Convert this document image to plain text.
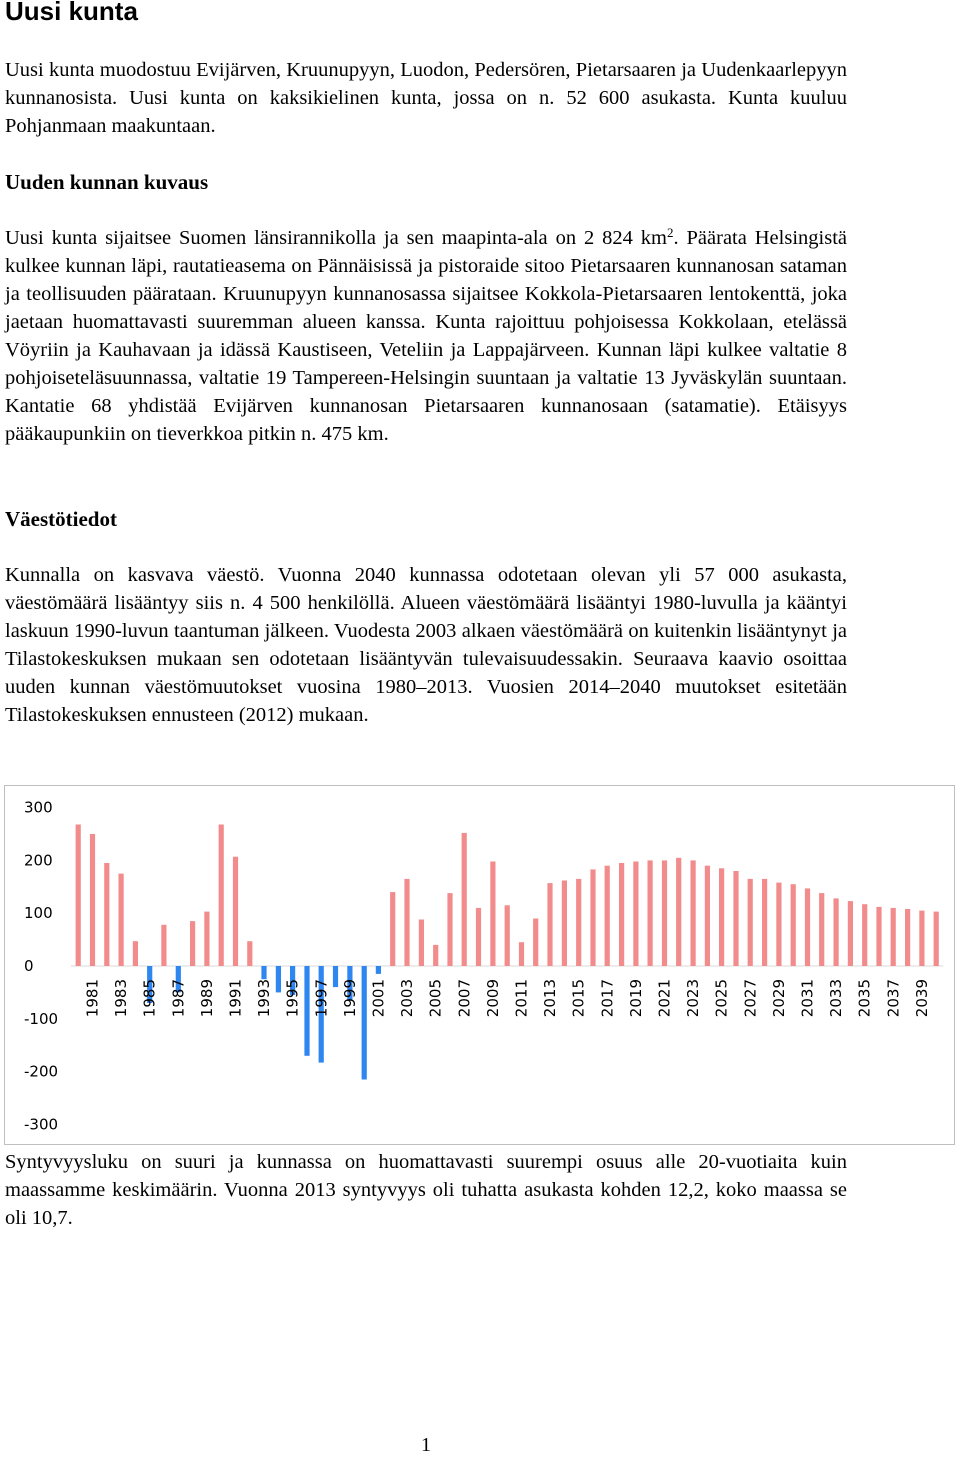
Uusi kunta

Uusi kunta muodostuu Evijärven, Kruunupyyn, Luodon, Pedersören, Pietarsaaren ja Uudenkaarlepyyn kunnanosista. Uusi kunta on kaksikielinen kunta, jossa on n. 52 600 asukasta. Kunta kuuluu Pohjanmaan maakuntaan.

Uuden kunnan kuvaus

Uusi kunta sijaitsee Suomen länsirannikolla ja sen maapinta-ala on 2 824 $km^2$. Päärata Helsingistä kulkee kunnan läpi, rautatieasema on Pännäisissä ja pistoraide sitoo Pietarsaaren kunnanosan sataman ja teollisuuden päärataan. Kruunupyyn kunnanosassa sijaitsee Kokkola-Pietarsaaren lentokenttä, joka jaetaan huomattavasti suuremman alueen kanssa. Kunta rajoittuu pohjoisessa Kokkolaan, etelässä Vöyriin ja Kauhavaan ja idässä Kaustiseen, Veteliin ja Lappajärveen. Kunnan läpi kulkee valtatie 8 pohjoiseteläsuunnassa, valtatie 19 Tampereen-Helsingin suuntaan ja valtatie 13 Jyväskylän suuntaan. Kantatie 68 yhdistää Evijärven kunnanosan Pietarsaaren kunnanosaan (satamatie). Etäisyys pääkaupunkiin on tieverkkoa pitkin n. 475 km.

Väestötiedot

Kunnalla on kasvava väestö. Vuonna 2040 kunnassa odotetaan olevan yli 57 000 asukasta, väestömäärä lisääntyy siis n. 4 500 henkilöllä. Alueen väestömäärä lisääntyi 1980-luvulla ja kääntyi laskuun 1990-luvun taantuman jälkeen. Vuodesta 2003 alkaen väestömäärä on kuitenkin lisääntynyt ja Tilastokeskuksen mukaan sen odotetaan lisääntyvän tulevaisuudessakin. Seuraava kaavio osoittaa uuden kunnan väestömuutokset vuosina 1980–2013. Vuosien 2014–2040 muutokset esitetään Tilastokeskuksen ennusteen (2012) mukaan.

300
200
100
0
-100
-200
-300
1981 1983 1985 1987 1989 1991 1993 1995 1997 1999 2001 2003 2005 2007 2009 2011 2013 2015 2017 2019 2021 2023 2025 2027 2029 2031 2033 2035 2037 2039

Syntyvyysluku on suuri ja kunnassa on huomattavasti suurempi osuus alle 20-vuotiaita kuin maassamme keskimäärin. Vuonna 2013 syntyvyys oli tuhatta asukasta kohden 12,2, koko maassa se oli 10,7.

1
